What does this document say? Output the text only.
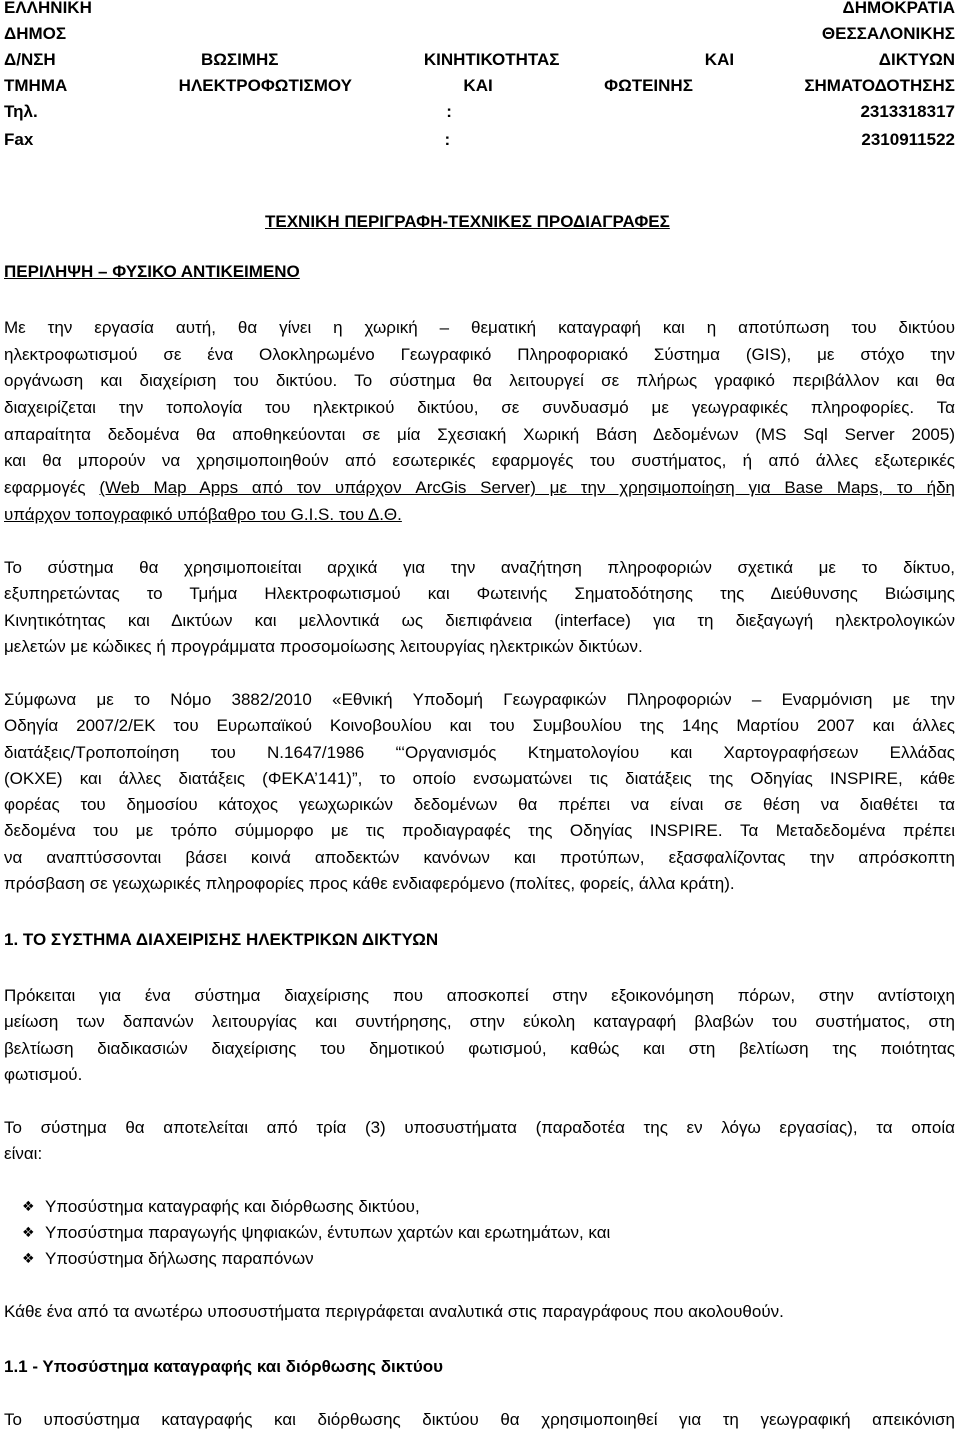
ΕΛΛΗΝΙΚΗ ΔΗΜΟΚΡΑΤΙΑ
ΔΗΜΟΣ ΘΕΣΣΑΛΟΝΙΚΗΣ
Δ/ΝΣΗ ΒΩΣΙΜΗΣ ΚΙΝΗΤΙΚΟΤΗΤΑΣ ΚΑΙ ΔΙΚΤΥΩΝ
ΤΜΗΜΑ ΗΛΕΚΤΡΟΦΩΤΙΣΜΟΥ ΚΑΙ ΦΩΤΕΙΝΗΣ ΣΗΜΑΤΟΔΟΤΗΣΗΣ
Τηλ. : 2313318317
Fax : 2310911522
ΤΕΧΝΙΚΗ ΠΕΡΙΓΡΑΦΗ-ΤΕΧΝΙΚΕΣ ΠΡΟΔΙΑΓΡΑΦΕΣ
ΠΕΡΙΛΗΨΗ – ΦΥΣΙΚΟ ΑΝΤΙΚΕΙΜΕΝΟ
Με την εργασία αυτή, θα γίνει η χωρική – θεματική καταγραφή και η αποτύπωση του δικτύου
ηλεκτροφωτισμού σε ένα Ολοκληρωμένο Γεωγραφικό Πληροφοριακό Σύστημα (GIS), με στόχο την
οργάνωση και διαχείριση του δικτύου. Το σύστημα θα λειτουργεί σε πλήρως γραφικό περιβάλλον και θα
διαχειρίζεται την τοπολογία του ηλεκτρικού δικτύου, σε συνδυασμό με γεωγραφικές πληροφορίες. Τα
απαραίτητα δεδομένα θα αποθηκεύονται σε μία Σχεσιακή Χωρική Βάση Δεδομένων (MS Sql Server 2005)
και θα μπορούν να χρησιμοποιηθούν από εσωτερικές εφαρμογές του συστήματος, ή από άλλες εξωτερικές
εφαρμογές (Web Map Apps από τον υπάρχον ArcGis Server) με την χρησιμοποίηση για Base Maps, το ήδη
υπάρχον τοπογραφικό υπόβαθρο του G.I.S. του Δ.Θ.
Το σύστημα θα χρησιμοποιείται αρχικά για την αναζήτηση πληροφοριών σχετικά με το δίκτυο,
εξυπηρετώντας το Τμήμα Ηλεκτροφωτισμού και Φωτεινής Σηματοδότησης της Διεύθυνσης Βιώσιμης
Κινητικότητας και Δικτύων και μελλοντικά ως διεπιφάνεια (interface) για τη διεξαγωγή ηλεκτρολογικών
μελετών με κώδικες ή προγράμματα προσομοίωσης λειτουργίας ηλεκτρικών δικτύων.
Σύμφωνα με το Νόμο 3882/2010 «Εθνική Υποδομή Γεωγραφικών Πληροφοριών – Εναρμόνιση με την
Οδηγία 2007/2/ΕΚ του Ευρωπαϊκού Κοινοβουλίου και του Συμβουλίου της 14ης Μαρτίου 2007 και άλλες
διατάξεις/Τροποποίηση του Ν.1647/1986 “‘Οργανισμός Κτηματολογίου και Χαρτογραφήσεων Ελλάδας
(ΟΚΧΕ) και άλλες διατάξεις (ΦΕΚΑ’141)”, το οποίο ενσωματώνει τις διατάξεις της Οδηγίας INSPIRE, κάθε
φορέας του δημοσίου κάτοχος γεωχωρικών δεδομένων θα πρέπει να είναι σε θέση να διαθέτει τα
δεδομένα του με τρόπο σύμμορφο με τις προδιαγραφές της Οδηγίας INSPIRE. Τα Μεταδεδομένα πρέπει
να αναπτύσσονται βάσει κοινά αποδεκτών κανόνων και προτύπων, εξασφαλίζοντας την απρόσκοπτη
πρόσβαση σε γεωχωρικές πληροφορίες προς κάθε ενδιαφερόμενο (πολίτες, φορείς, άλλα κράτη).
1. ΤΟ ΣΥΣΤΗΜΑ ΔΙΑΧΕΙΡΙΣΗΣ ΗΛΕΚΤΡΙΚΩΝ ΔΙΚΤΥΩΝ
Πρόκειται για ένα σύστημα διαχείρισης που αποσκοπεί στην εξοικονόμηση πόρων, στην αντίστοιχη
μείωση των δαπανών λειτουργίας και συντήρησης, στην εύκολη καταγραφή βλαβών του συστήματος, στη
βελτίωση διαδικασιών διαχείρισης του δημοτικού φωτισμού, καθώς και στη βελτίωση της ποιότητας
φωτισμού.
Το σύστημα θα αποτελείται από τρία (3) υποσυστήματα (παραδοτέα της εν λόγω εργασίας), τα οποία
είναι:
❖ Υποσύστημα καταγραφής και διόρθωσης δικτύου,
❖ Υποσύστημα παραγωγής ψηφιακών, έντυπων χαρτών και ερωτημάτων, και
❖ Υποσύστημα δήλωσης παραπόνων
Κάθε ένα από τα ανωτέρω υποσυστήματα περιγράφεται αναλυτικά στις παραγράφους που ακολουθούν.
1.1 - Υποσύστημα καταγραφής και διόρθωσης δικτύου
Το υποσύστημα καταγραφής και διόρθωσης δικτύου θα χρησιμοποιηθεί για τη γεωγραφική απεικόνιση
